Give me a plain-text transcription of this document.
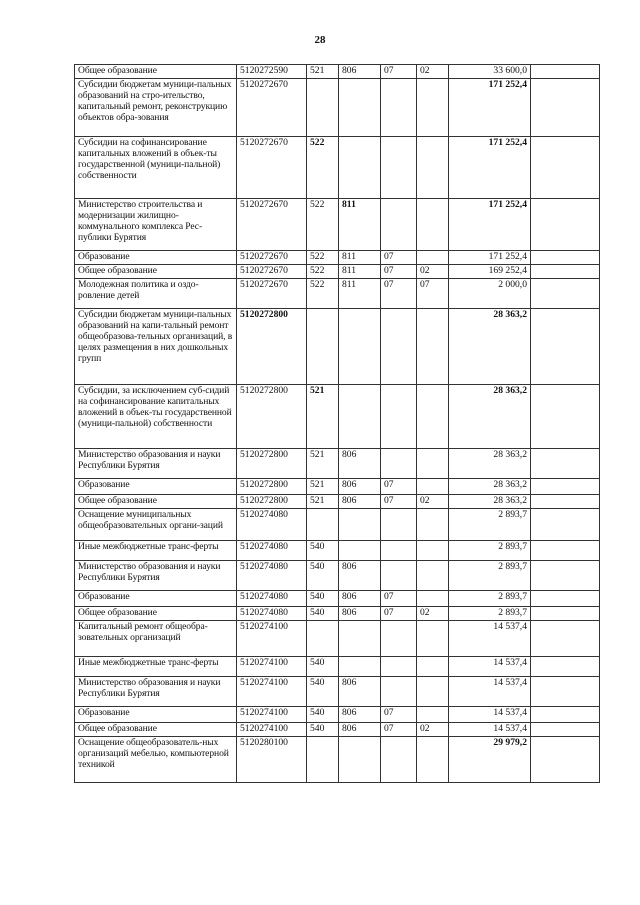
28
Общее образование	5120272590	521	806	07	02	33 600,0	
Субсидии бюджетам муници-пальных образований на стро-ительство, капитальный ремонт, реконструкцию объектов обра-зования	5120272670					171 252,4	
Субсидии на софинансирование капитальных вложений в объек-ты государственной (муници-пальной) собственности	5120272670	522				171 252,4	
Министерство строительства и модернизации жилищно-коммунального комплекса Рес-публики Бурятия	5120272670	522	811			171 252,4	
Образование	5120272670	522	811	07		171 252,4	
Общее образование	5120272670	522	811	07	02	169 252,4	
Молодежная политика и оздо-ровление детей	5120272670	522	811	07	07	2 000,0	
Субсидии бюджетам муници-пальных образований на капи-тальный ремонт общеобразова-тельных организаций, в целях размещения в них дошкольных групп	5120272800					28 363,2	
Субсидии, за исключением суб-сидий на софинансирование капитальных вложений в объек-ты государственной (муници-пальной) собственности	5120272800	521				28 363,2	
Министерство образования и науки Республики Бурятия	5120272800	521	806			28 363,2	
Образование	5120272800	521	806	07		28 363,2	
Общее образование	5120272800	521	806	07	02	28 363,2	
Оснащение муниципальных общеобразовательных органи-заций	5120274080					2 893,7	
Иные межбюджетные транс-ферты	5120274080	540				2 893,7	
Министерство образования и науки Республики Бурятия	5120274080	540	806			2 893,7	
Образование	5120274080	540	806	07		2 893,7	
Общее образование	5120274080	540	806	07	02	2 893,7	
Капитальный ремонт общеобра-зовательных организаций	5120274100					14 537,4	
Иные межбюджетные транс-ферты	5120274100	540				14 537,4	
Министерство образования и науки Республики Бурятия	5120274100	540	806			14 537,4	
Образование	5120274100	540	806	07		14 537,4	
Общее образование	5120274100	540	806	07	02	14 537,4	
Оснащение общеобразователь-ных организаций мебелью, компьютерной техникой	5120280100					29 979,2	
